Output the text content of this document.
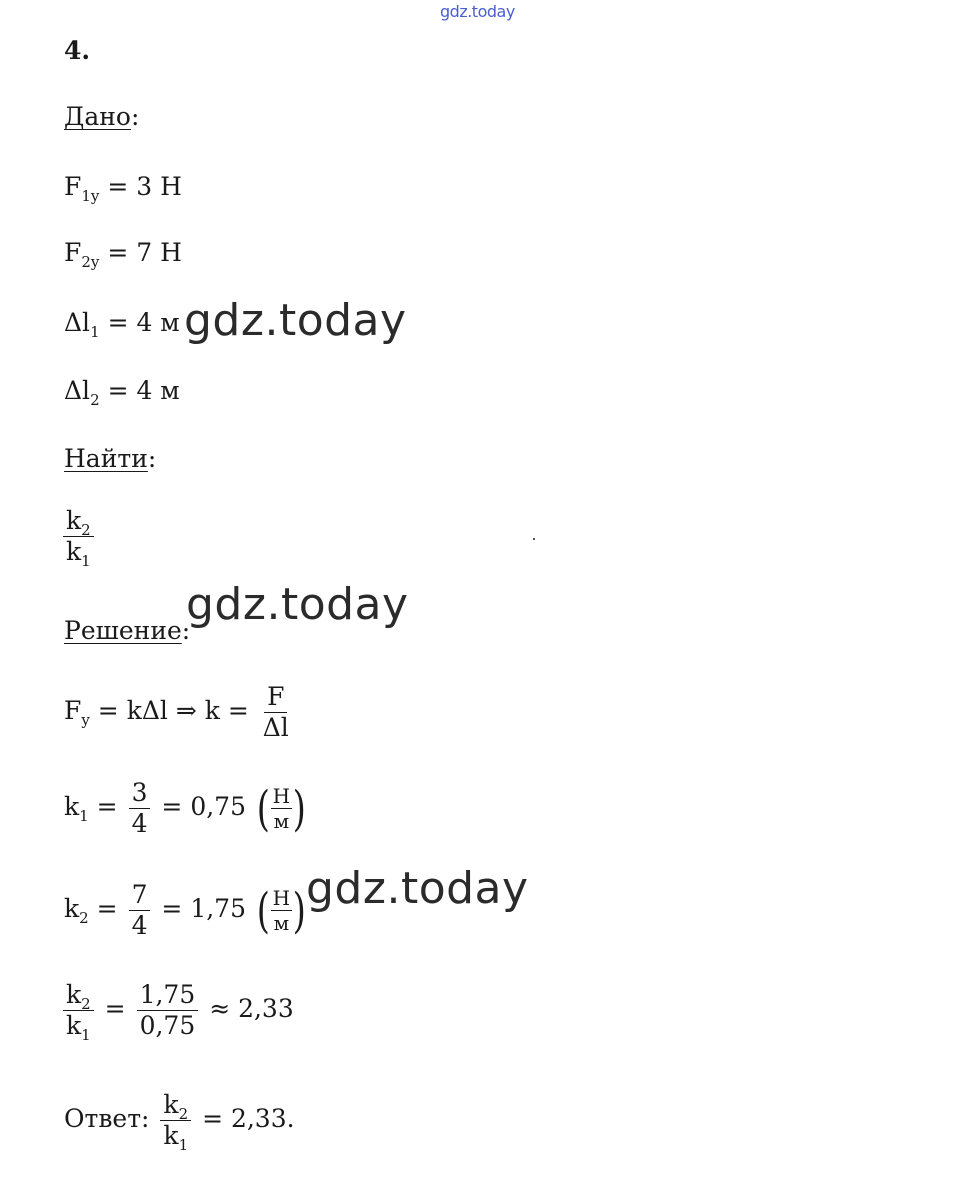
gdz.today
4.
Дано:
$F_{1y} = 3$ Н
$F_{2y} = 7$ Н
$\Delta l_1 = 4$ м gdz.today
$\Delta l_2 = 4$ м
Найти:
$\frac{k_2}{k_1}$
Решение:
gdz.today
$F_y = k\Delta l$ ⇒ $k = \frac{F}{\Delta l}$
$k_1 = \frac{3}{4} = 0,75$ ( $\frac{Н}{м}$ )
$k_2 = \frac{7}{4} = 1,75$ ( $\frac{Н}{м}$ ) gdz.today
$\frac{k_2}{k_1} = \frac{1,75}{0,75} \approx 2,33$
Ответ: $\frac{k_2}{k_1} = 2,33$.
